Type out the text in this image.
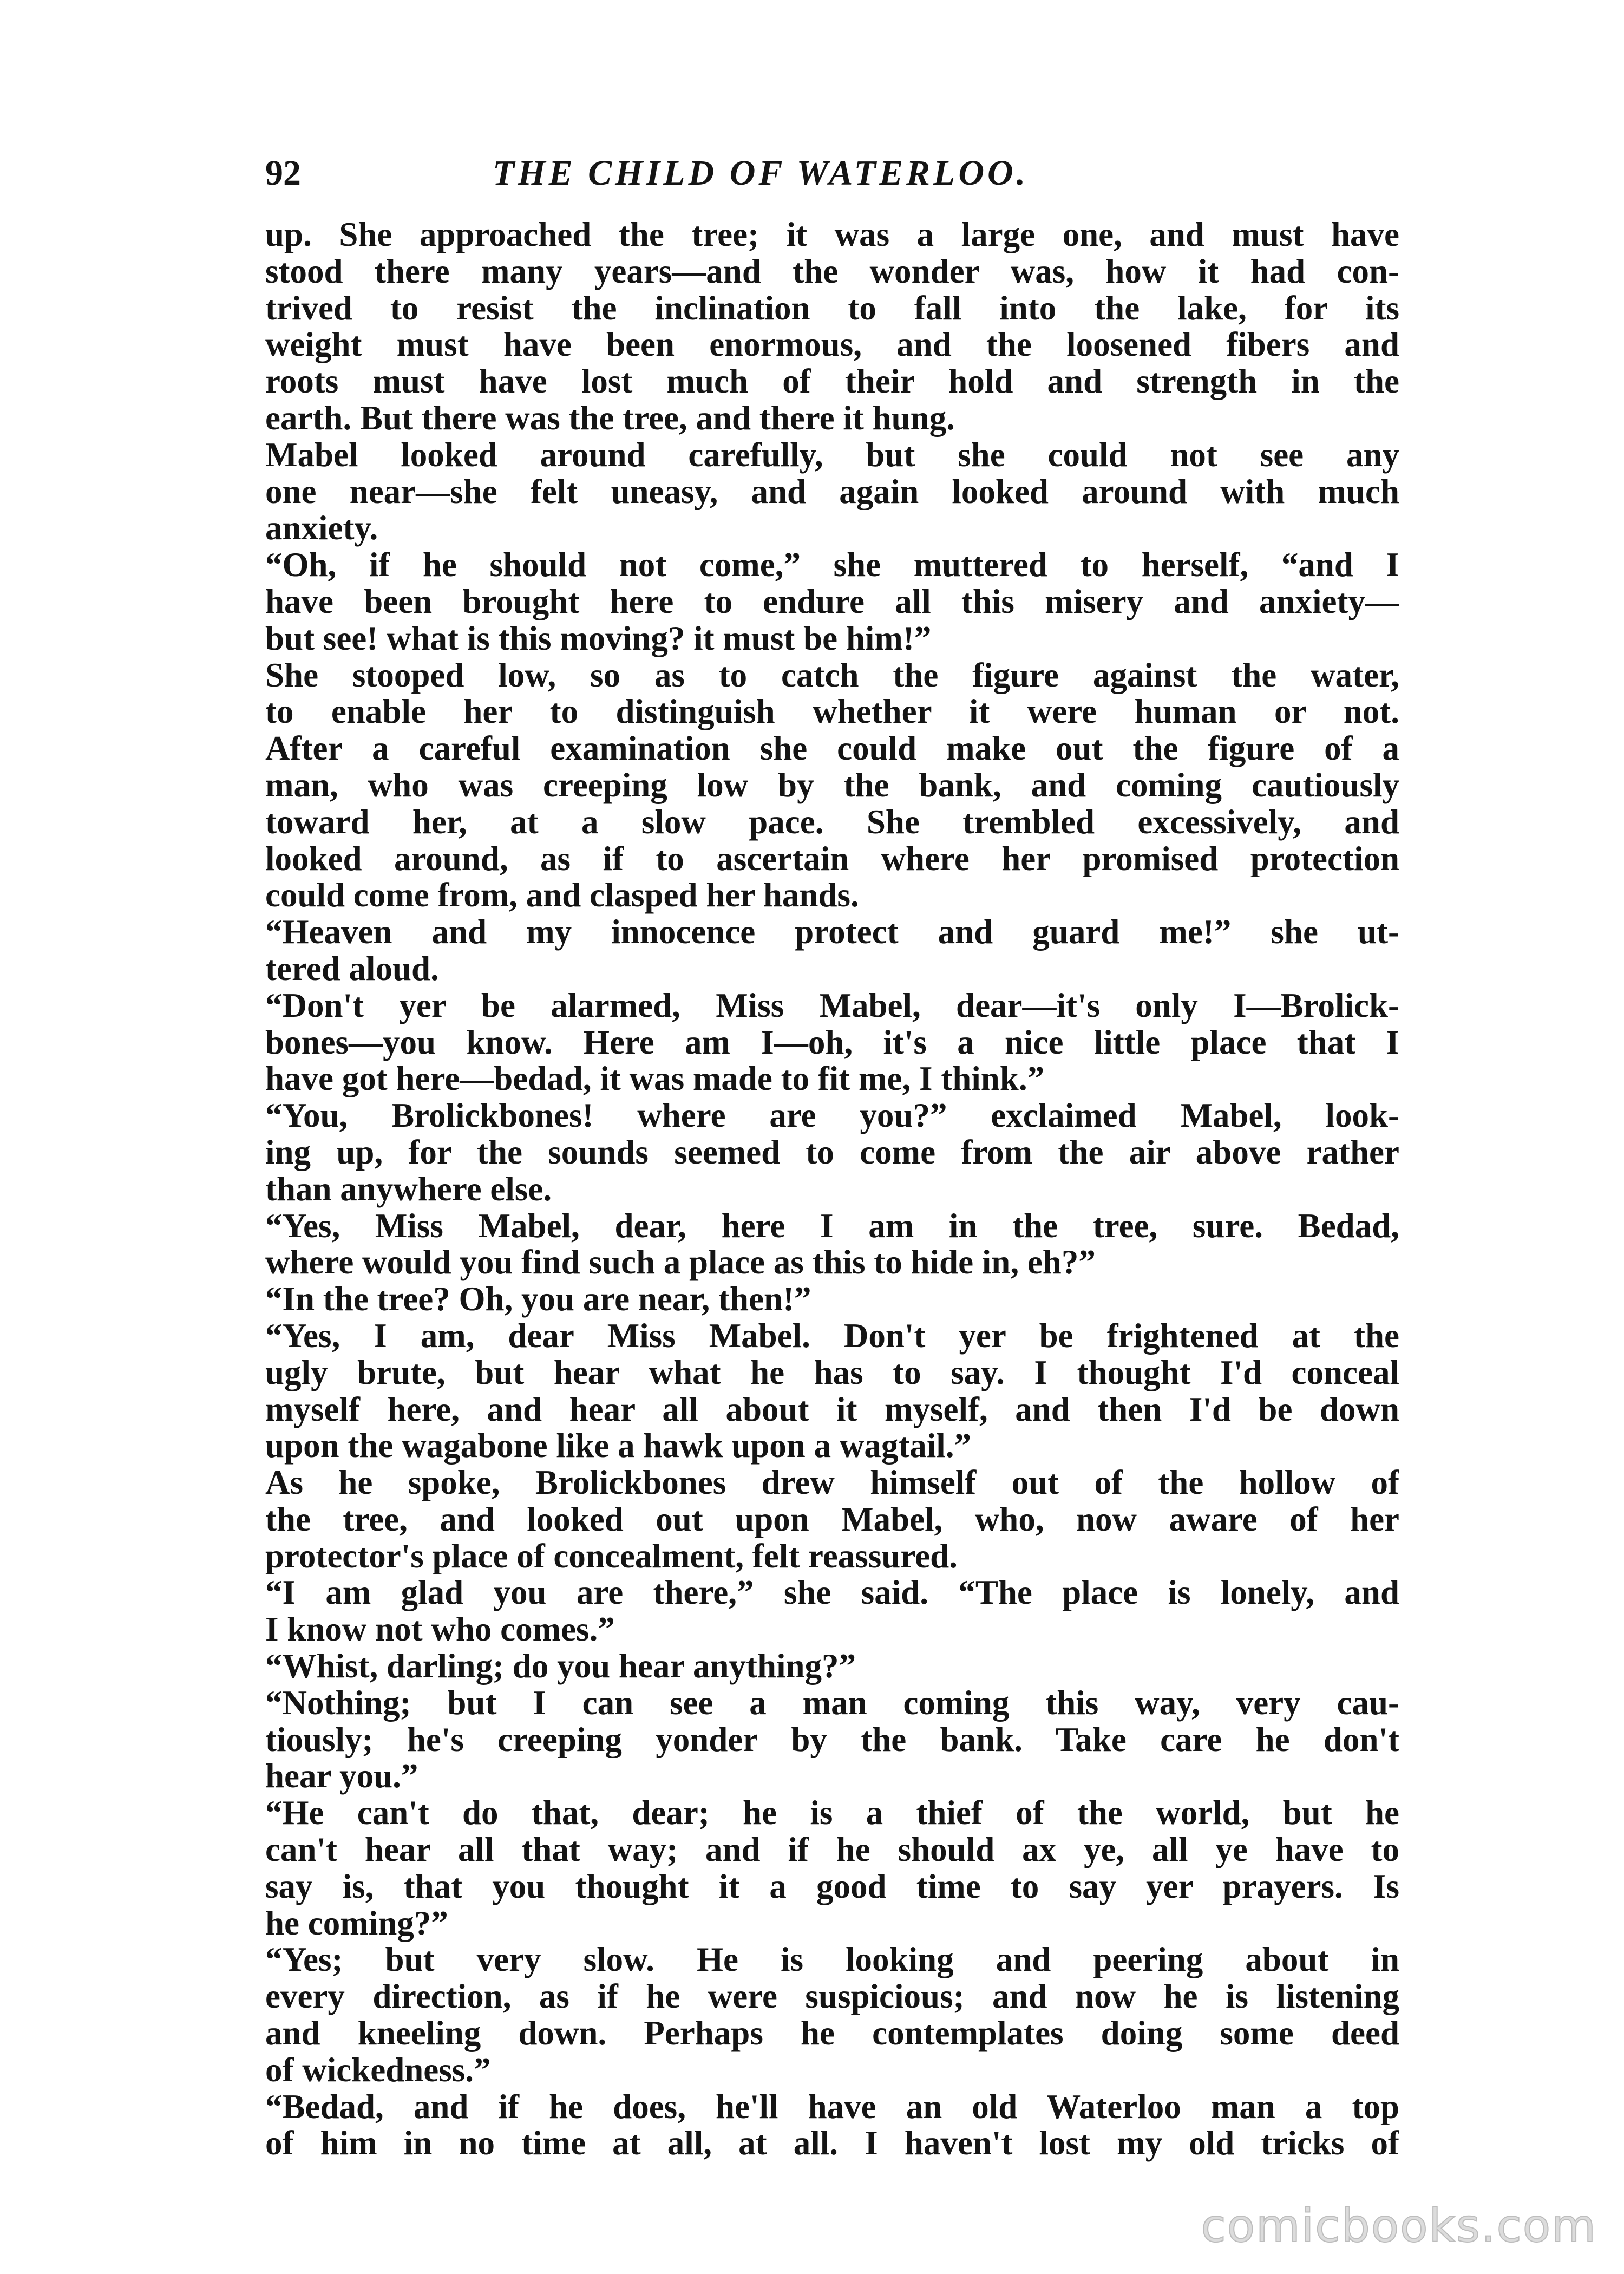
92	THE CHILD OF WATERLOO.
up. She approached the tree; it was a large one, and must have
stood there many years—and the wonder was, how it had con-
trived to resist the inclination to fall into the lake, for its
weight must have been enormous, and the loosened fibers and
roots must have lost much of their hold and strength in the
earth. But there was the tree, and there it hung.
Mabel looked around carefully, but she could not see any
one near—she felt uneasy, and again looked around with much
anxiety.
“Oh, if he should not come,” she muttered to herself, “and I
have been brought here to endure all this misery and anxiety—
but see! what is this moving? it must be him!”
She stooped low, so as to catch the figure against the water,
to enable her to distinguish whether it were human or not.
After a careful examination she could make out the figure of a
man, who was creeping low by the bank, and coming cautiously
toward her, at a slow pace. She trembled excessively, and
looked around, as if to ascertain where her promised protection
could come from, and clasped her hands.
“Heaven and my innocence protect and guard me!” she ut-
tered aloud.
“Don't yer be alarmed, Miss Mabel, dear—it's only I—Brolick-
bones—you know. Here am I—oh, it's a nice little place that I
have got here—bedad, it was made to fit me, I think.”
“You, Brolickbones! where are you?” exclaimed Mabel, look-
ing up, for the sounds seemed to come from the air above rather
than anywhere else.
“Yes, Miss Mabel, dear, here I am in the tree, sure. Bedad,
where would you find such a place as this to hide in, eh?”
“In the tree? Oh, you are near, then!”
“Yes, I am, dear Miss Mabel. Don't yer be frightened at the
ugly brute, but hear what he has to say. I thought I'd conceal
myself here, and hear all about it myself, and then I'd be down
upon the wagabone like a hawk upon a wagtail.”
As he spoke, Brolickbones drew himself out of the hollow of
the tree, and looked out upon Mabel, who, now aware of her
protector's place of concealment, felt reassured.
“I am glad you are there,” she said. “The place is lonely, and
I know not who comes.”
“Whist, darling; do you hear anything?”
“Nothing; but I can see a man coming this way, very cau-
tiously; he's creeping yonder by the bank. Take care he don't
hear you.”
“He can't do that, dear; he is a thief of the world, but he
can't hear all that way; and if he should ax ye, all ye have to
say is, that you thought it a good time to say yer prayers. Is
he coming?”
“Yes; but very slow. He is looking and peering about in
every direction, as if he were suspicious; and now he is listening
and kneeling down. Perhaps he contemplates doing some deed
of wickedness.”
“Bedad, and if he does, he'll have an old Waterloo man a top
of him in no time at all, at all. I haven't lost my old tricks of
comicbooks.com
